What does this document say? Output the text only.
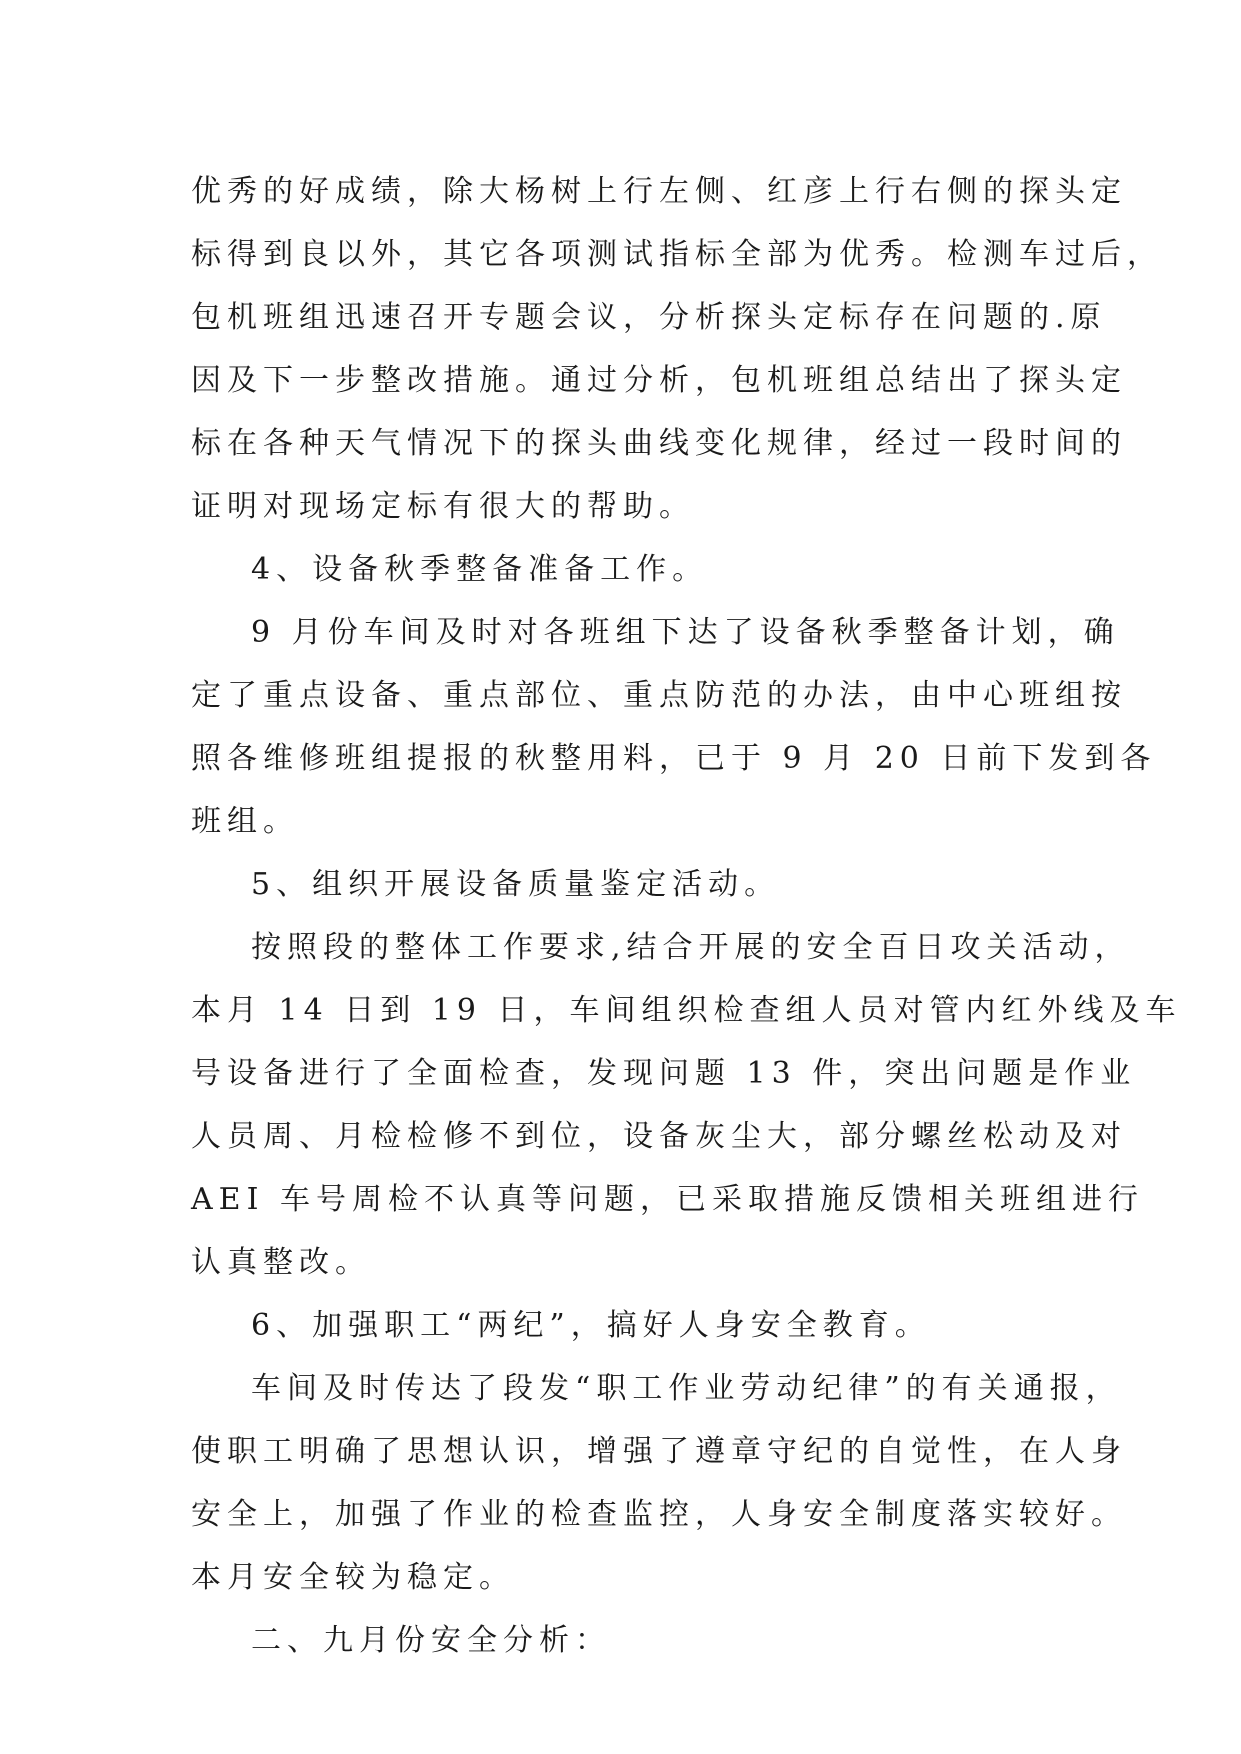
优秀的好成绩，除大杨树上行左侧、红彦上行右侧的探头定
标得到良以外，其它各项测试指标全部为优秀。检测车过后，
包机班组迅速召开专题会议，分析探头定标存在问题的.原
因及下一步整改措施。通过分析，包机班组总结出了探头定
标在各种天气情况下的探头曲线变化规律，经过一段时间的
证明对现场定标有很大的帮助。
4、设备秋季整备准备工作。
9 月份车间及时对各班组下达了设备秋季整备计划，确
定了重点设备、重点部位、重点防范的办法，由中心班组按
照各维修班组提报的秋整用料，已于 9 月 20 日前下发到各
班组。
5、组织开展设备质量鉴定活动。
按照段的整体工作要求,结合开展的安全百日攻关活动，
本月 14 日到 19 日，车间组织检查组人员对管内红外线及车
号设备进行了全面检查，发现问题 13 件，突出问题是作业
人员周、月检检修不到位，设备灰尘大，部分螺丝松动及对
AEI 车号周检不认真等问题，已采取措施反馈相关班组进行
认真整改。
6、加强职工“两纪”，搞好人身安全教育。
车间及时传达了段发“职工作业劳动纪律”的有关通报，
使职工明确了思想认识，增强了遵章守纪的自觉性，在人身
安全上，加强了作业的检查监控，人身安全制度落实较好。
本月安全较为稳定。
二、九月份安全分析：
